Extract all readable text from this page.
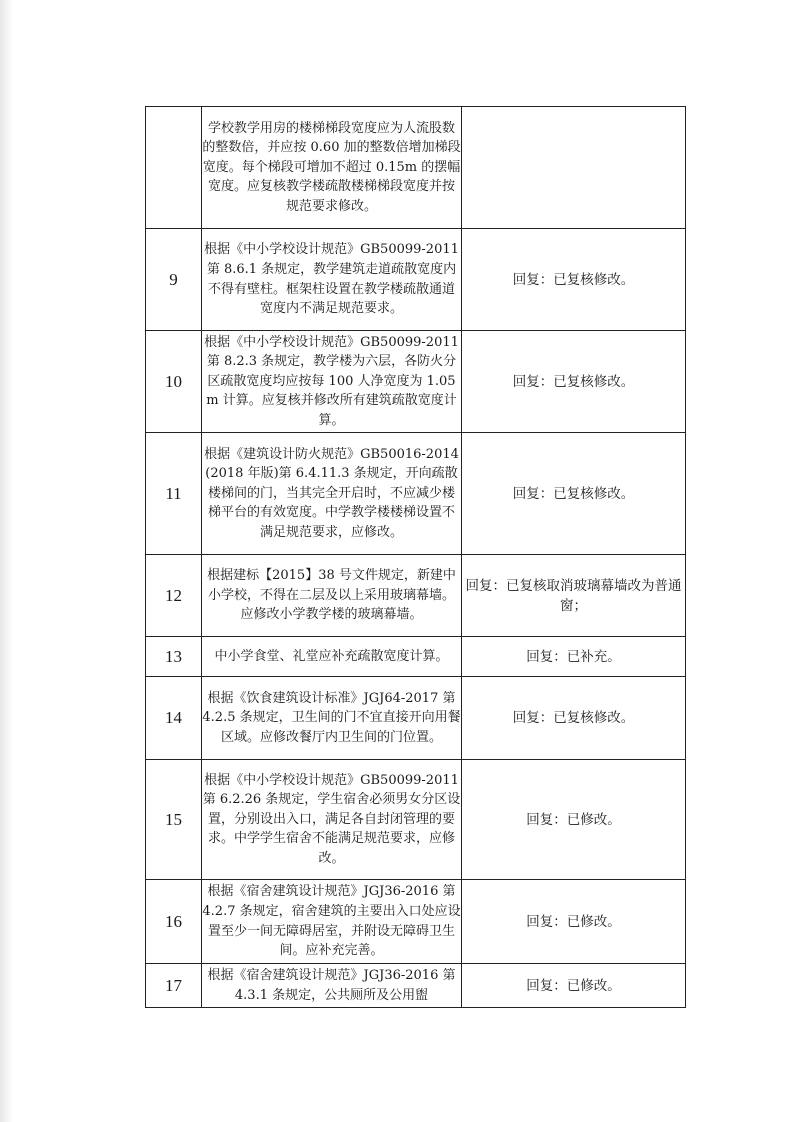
	学校教学用房的楼梯梯段宽度应为人流股数的整数倍，并应按 0.60 加的整数倍增加梯段宽度。每个梯段可增加不超过 0.15m 的摆幅宽度。应复核教学楼疏散楼梯梯段宽度并按规范要求修改。	
9	根据《中小学校设计规范》GB50099-2011 第 8.6.1 条规定，教学建筑走道疏散宽度内不得有壁柱。框架柱设置在教学楼疏散通道宽度内不满足规范要求。	回复：已复核修改。
10	根据《中小学校设计规范》GB50099-2011 第 8.2.3 条规定，教学楼为六层，各防火分区疏散宽度均应按每 100 人净宽度为 1.05m 计算。应复核并修改所有建筑疏散宽度计算。	回复：已复核修改。
11	根据《建筑设计防火规范》GB50016-2014(2018 年版)第 6.4.11.3 条规定，开向疏散楼梯间的门，当其完全开启时，不应减少楼梯平台的有效宽度。中学教学楼楼梯设置不满足规范要求，应修改。	回复：已复核修改。
12	根据建标【2015】38 号文件规定，新建中小学校，不得在二层及以上采用玻璃幕墙。应修改小学教学楼的玻璃幕墙。	回复：已复核取消玻璃幕墙改为普通窗；
13	中小学食堂、礼堂应补充疏散宽度计算。	回复：已补充。
14	根据《饮食建筑设计标准》JGJ64-2017 第 4.2.5 条规定，卫生间的门不宜直接开向用餐区域。应修改餐厅内卫生间的门位置。	回复：已复核修改。
15	根据《中小学校设计规范》GB50099-2011 第 6.2.26 条规定，学生宿舍必须男女分区设置，分别设出入口，满足各自封闭管理的要求。中学学生宿舍不能满足规范要求，应修改。	回复：已修改。
16	根据《宿舍建筑设计规范》JGJ36-2016 第 4.2.7 条规定，宿舍建筑的主要出入口处应设置至少一间无障碍居室，并附设无障碍卫生间。应补充完善。	回复：已修改。
17	根据《宿舍建筑设计规范》JGJ36-2016 第 4.3.1 条规定，公共厕所及公用盥	回复：已修改。
